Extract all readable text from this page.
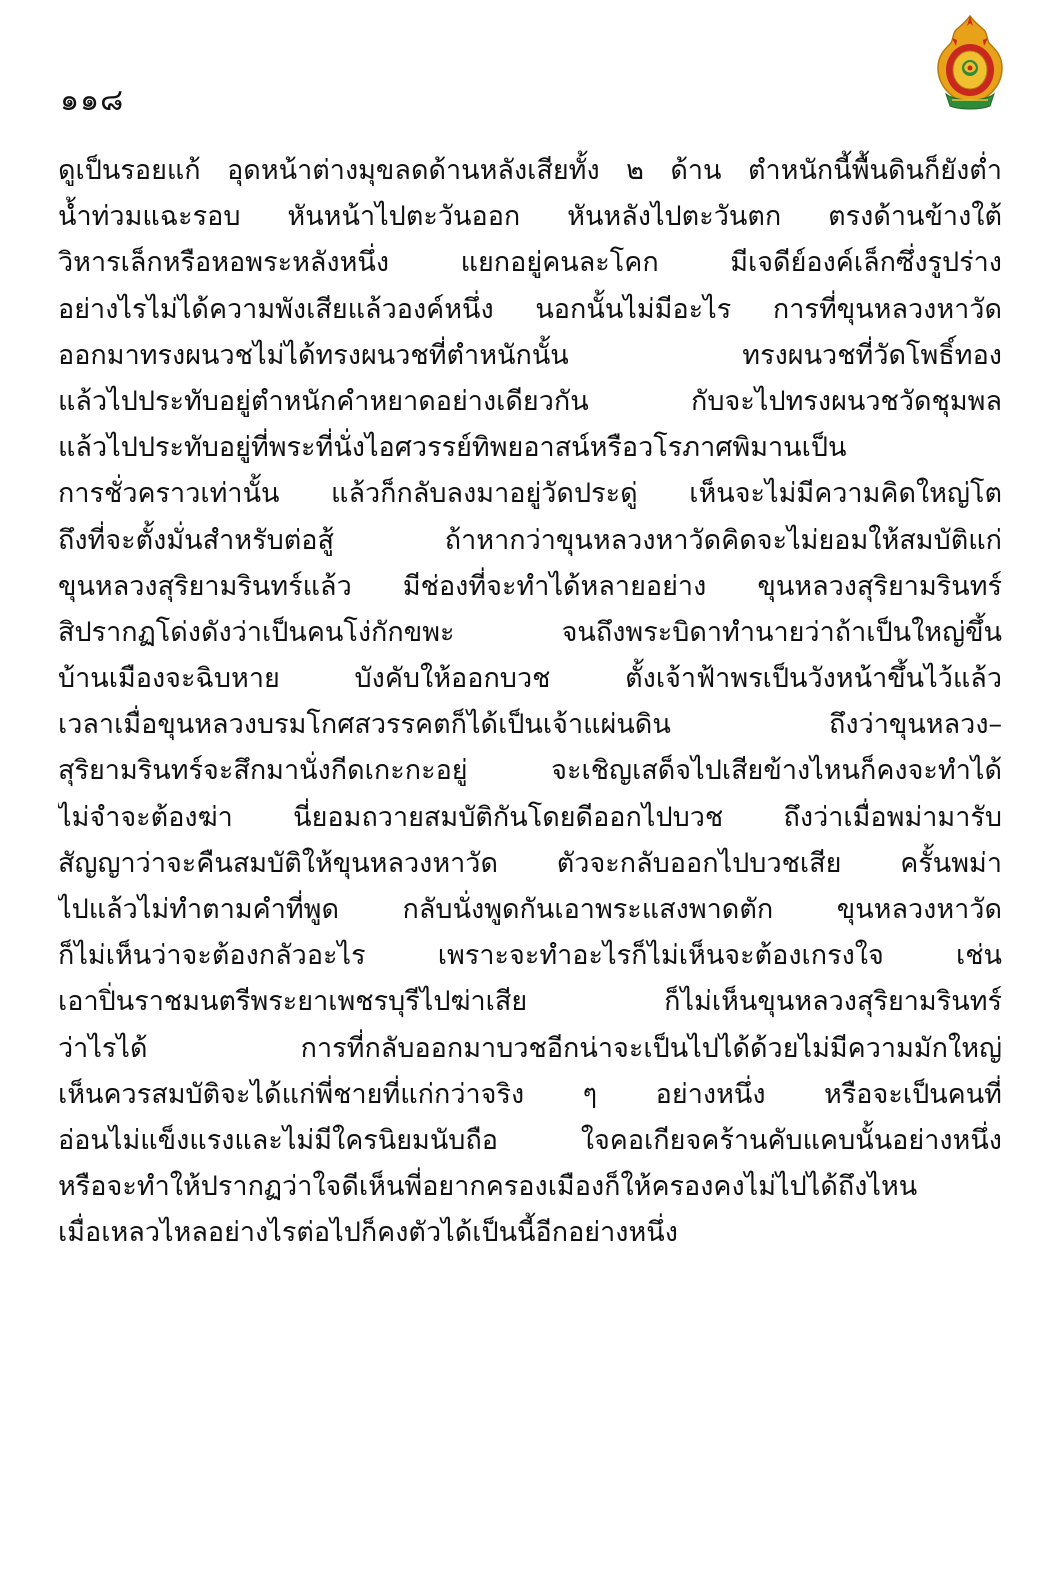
๑๑๘
ดูเป็นรอยแก้ อุดหน้าต่างมุขลดด้านหลังเสียทั้ง ๒ ด้าน ตำหนักนี้พื้นดินก็ยังต่ำ
น้ำท่วมแฉะรอบ หันหน้าไปตะวันออก หันหลังไปตะวันตก ตรงด้านข้างใต้
วิหารเล็กหรือหอพระหลังหนึ่ง แยกอยู่คนละโคก มีเจดีย์องค์เล็กซึ่งรูปร่าง
อย่างไรไม่ได้ความพังเสียแล้วองค์หนึ่ง นอกนั้นไม่มีอะไร การที่ขุนหลวงหาวัด
ออกมาทรงผนวชไม่ได้ทรงผนวชที่ตำหนักนั้น ทรงผนวชที่วัดโพธิ์ทอง
แล้วไปประทับอยู่ตำหนักคำหยาดอย่างเดียวกัน กับจะไปทรงผนวชวัดชุมพล
แล้วไปประทับอยู่ที่พระที่นั่งไอศวรรย์ทิพยอาสน์หรือวโรภาศพิมานเป็น
การชั่วคราวเท่านั้น แล้วก็กลับลงมาอยู่วัดประดู่ เห็นจะไม่มีความคิดใหญ่โต
ถึงที่จะตั้งมั่นสำหรับต่อสู้ ถ้าหากว่าขุนหลวงหาวัดคิดจะไม่ยอมให้สมบัติแก่
ขุนหลวงสุริยามรินทร์แล้ว มีช่องที่จะทำได้หลายอย่าง ขุนหลวงสุริยามรินทร์
สิปรากฏโด่งดังว่าเป็นคนโง่กักขพะ จนถึงพระบิดาทำนายว่าถ้าเป็นใหญ่ขึ้น
บ้านเมืองจะฉิบหาย บังคับให้ออกบวช ตั้งเจ้าฟ้าพรเป็นวังหน้าขึ้นไว้แล้ว
เวลาเมื่อขุนหลวงบรมโกศสวรรคตก็ได้เป็นเจ้าแผ่นดิน ถึงว่าขุนหลวง–
สุริยามรินทร์จะสึกมานั่งกีดเกะกะอยู่ จะเชิญเสด็จไปเสียข้างไหนก็คงจะทำได้
ไม่จำจะต้องฆ่า นี่ยอมถวายสมบัติกันโดยดีออกไปบวช ถึงว่าเมื่อพม่ามารับ
สัญญาว่าจะคืนสมบัติให้ขุนหลวงหาวัด ตัวจะกลับออกไปบวชเสีย ครั้นพม่า
ไปแล้วไม่ทำตามคำที่พูด กลับนั่งพูดกันเอาพระแสงพาดตัก ขุนหลวงหาวัด
ก็ไม่เห็นว่าจะต้องกลัวอะไร เพราะจะทำอะไรก็ไม่เห็นจะต้องเกรงใจ เช่น
เอาปิ่นราชมนตรีพระยาเพชรบุรีไปฆ่าเสีย ก็ไม่เห็นขุนหลวงสุริยามรินทร์
ว่าไรได้ การที่กลับออกมาบวชอีกน่าจะเป็นไปได้ด้วยไม่มีความมักใหญ่
เห็นควรสมบัติจะได้แก่พี่ชายที่แก่กว่าจริง ๆ อย่างหนึ่ง หรือจะเป็นคนที่
อ่อนไม่แข็งแรงและไม่มีใครนิยมนับถือ ใจคอเกียจคร้านคับแคบนั้นอย่างหนึ่ง
หรือจะทำให้ปรากฏว่าใจดีเห็นพี่อยากครองเมืองก็ให้ครองคงไม่ไปได้ถึงไหน
เมื่อเหลวไหลอย่างไรต่อไปก็คงตัวได้เป็นนี้อีกอย่างหนึ่ง
